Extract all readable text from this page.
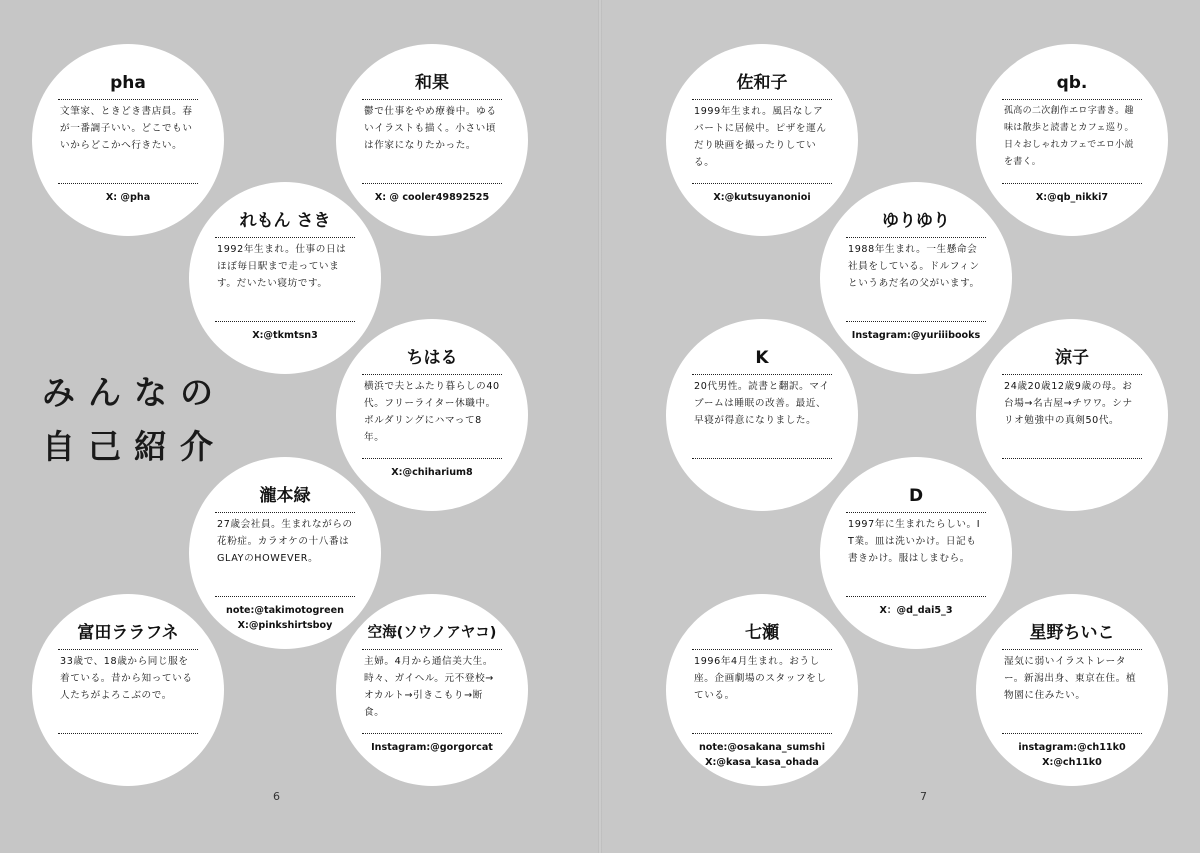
みんなの
自己紹介
6	7
pha
文筆家、ときどき書店員。春が一番調子いい。どこでもいいからどこかへ行きたい。
X: @pha
和果
鬱で仕事をやめ療養中。ゆるいイラストも描く。小さい頃は作家になりたかった。
X: @ cooler49892525
れもん さき
1992年生まれ。仕事の日はほぼ毎日駅まで走っています。だいたい寝坊です。
X:@tkmtsn3
ちはる
横浜で夫とふたり暮らしの40代。フリーライター休職中。ボルダリングにハマって8年。
X:@chiharium8
瀧本緑
27歳会社員。生まれながらの花粉症。カラオケの十八番はGLAYのHOWEVER。
note:@takimotogreen
X:@pinkshirtsboy
富田ララフネ
33歳で、18歳から同じ服を着ている。昔から知っている人たちがよろこぶので。
空海(ソウノアヤコ)
主婦。4月から通信美大生。時々、ガイヘル。元不登校→オカルト→引きこもり→断食。
Instagram:@gorgorcat
佐和子
1999年生まれ。風呂なしアパートに居候中。ピザを運んだり映画を撮ったりしている。
X:@kutsuyanonioi
qb.
孤高の二次創作エロ字書き。趣味は散歩と読書とカフェ巡り。日々おしゃれカフェでエロ小説を書く。
X:@qb_nikki7
ゆりゆり
1988年生まれ。一生懸命会社員をしている。ドルフィンというあだ名の父がいます。
Instagram:@yuriiibooks
K
20代男性。読書と翻訳。マイブームは睡眠の改善。最近、早寝が得意になりました。
涼子
24歳20歳12歳9歳の母。お台場→名古屋→チワワ。シナリオ勉強中の真剣50代。
D
1997年に生まれたらしい。IT業。皿は洗いかけ。日記も書きかけ。服はしまむら。
X：@d_dai5_3
七瀬
1996年4月生まれ。おうし座。企画劇場のスタッフをしている。
note:@osakana_sumshi
X:@kasa_kasa_ohada
星野ちいこ
湿気に弱いイラストレーター。新潟出身、東京在住。植物園に住みたい。
instagram:@ch11k0
X:@ch11k0
